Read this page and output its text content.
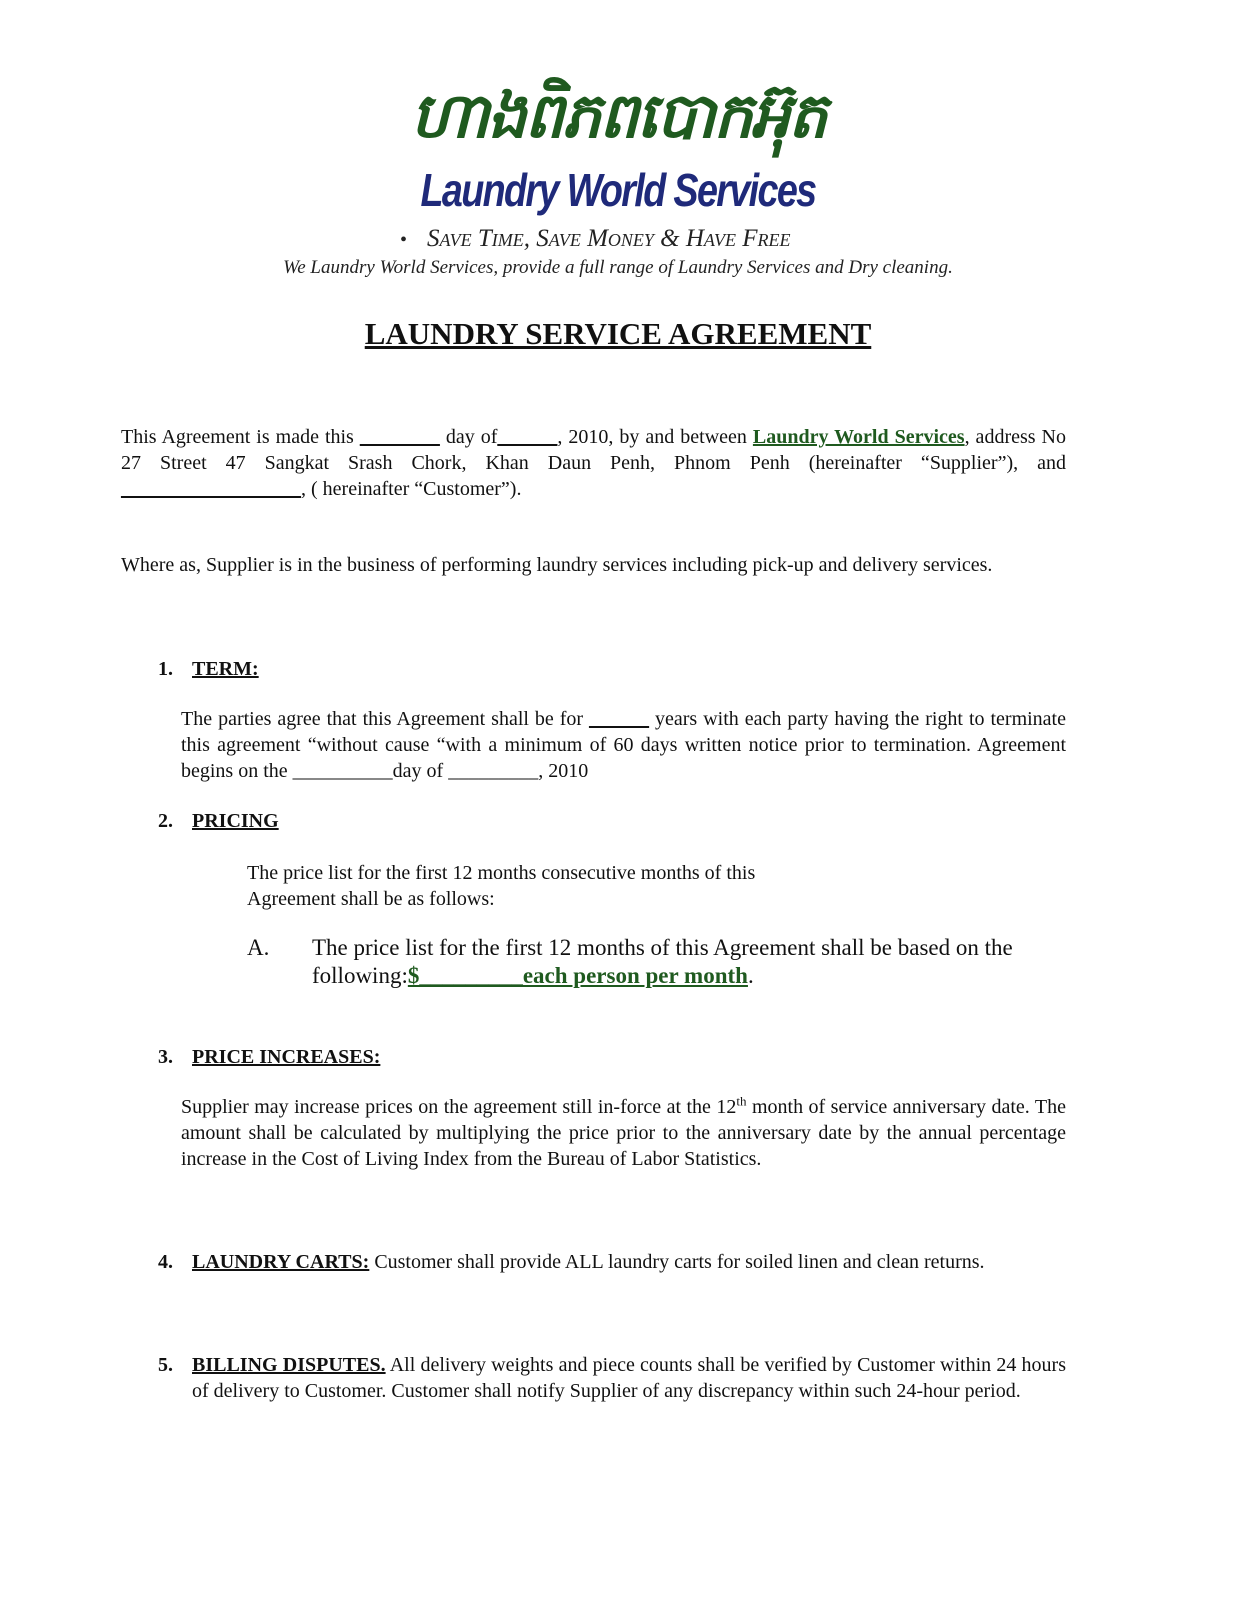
ហាងពិភពបោកអ៊ុត
Laundry World Services
• Save Time, Save Money & Have Free
We Laundry World Services, provide a full range of Laundry Services and Dry cleaning.
LAUNDRY SERVICE AGREEMENT
This Agreement is made this ________ day of______, 2010, by and between Laundry World Services, address No 27 Street 47 Sangkat Srash Chork, Khan Daun Penh, Phnom Penh (hereinafter “Supplier”), and __________________, ( hereinafter “Customer”).
Where as, Supplier is in the business of performing laundry services including pick-up and delivery services.
1. TERM:
The parties agree that this Agreement shall be for ______ years with each party having the right to terminate this agreement “without cause “with a minimum of 60 days written notice prior to termination. Agreement begins on the __________day of _________, 2010
2. PRICING
The price list for the first 12 months consecutive months of this Agreement shall be as follows:
A. The price list for the first 12 months of this Agreement shall be based on the following:$_________each person per month.
3. PRICE INCREASES:
Supplier may increase prices on the agreement still in-force at the 12th month of service anniversary date. The amount shall be calculated by multiplying the price prior to the anniversary date by the annual percentage increase in the Cost of Living Index from the Bureau of Labor Statistics.
4. LAUNDRY CARTS: Customer shall provide ALL laundry carts for soiled linen and clean returns.
5. BILLING DISPUTES. All delivery weights and piece counts shall be verified by Customer within 24 hours of delivery to Customer. Customer shall notify Supplier of any discrepancy within such 24-hour period.
